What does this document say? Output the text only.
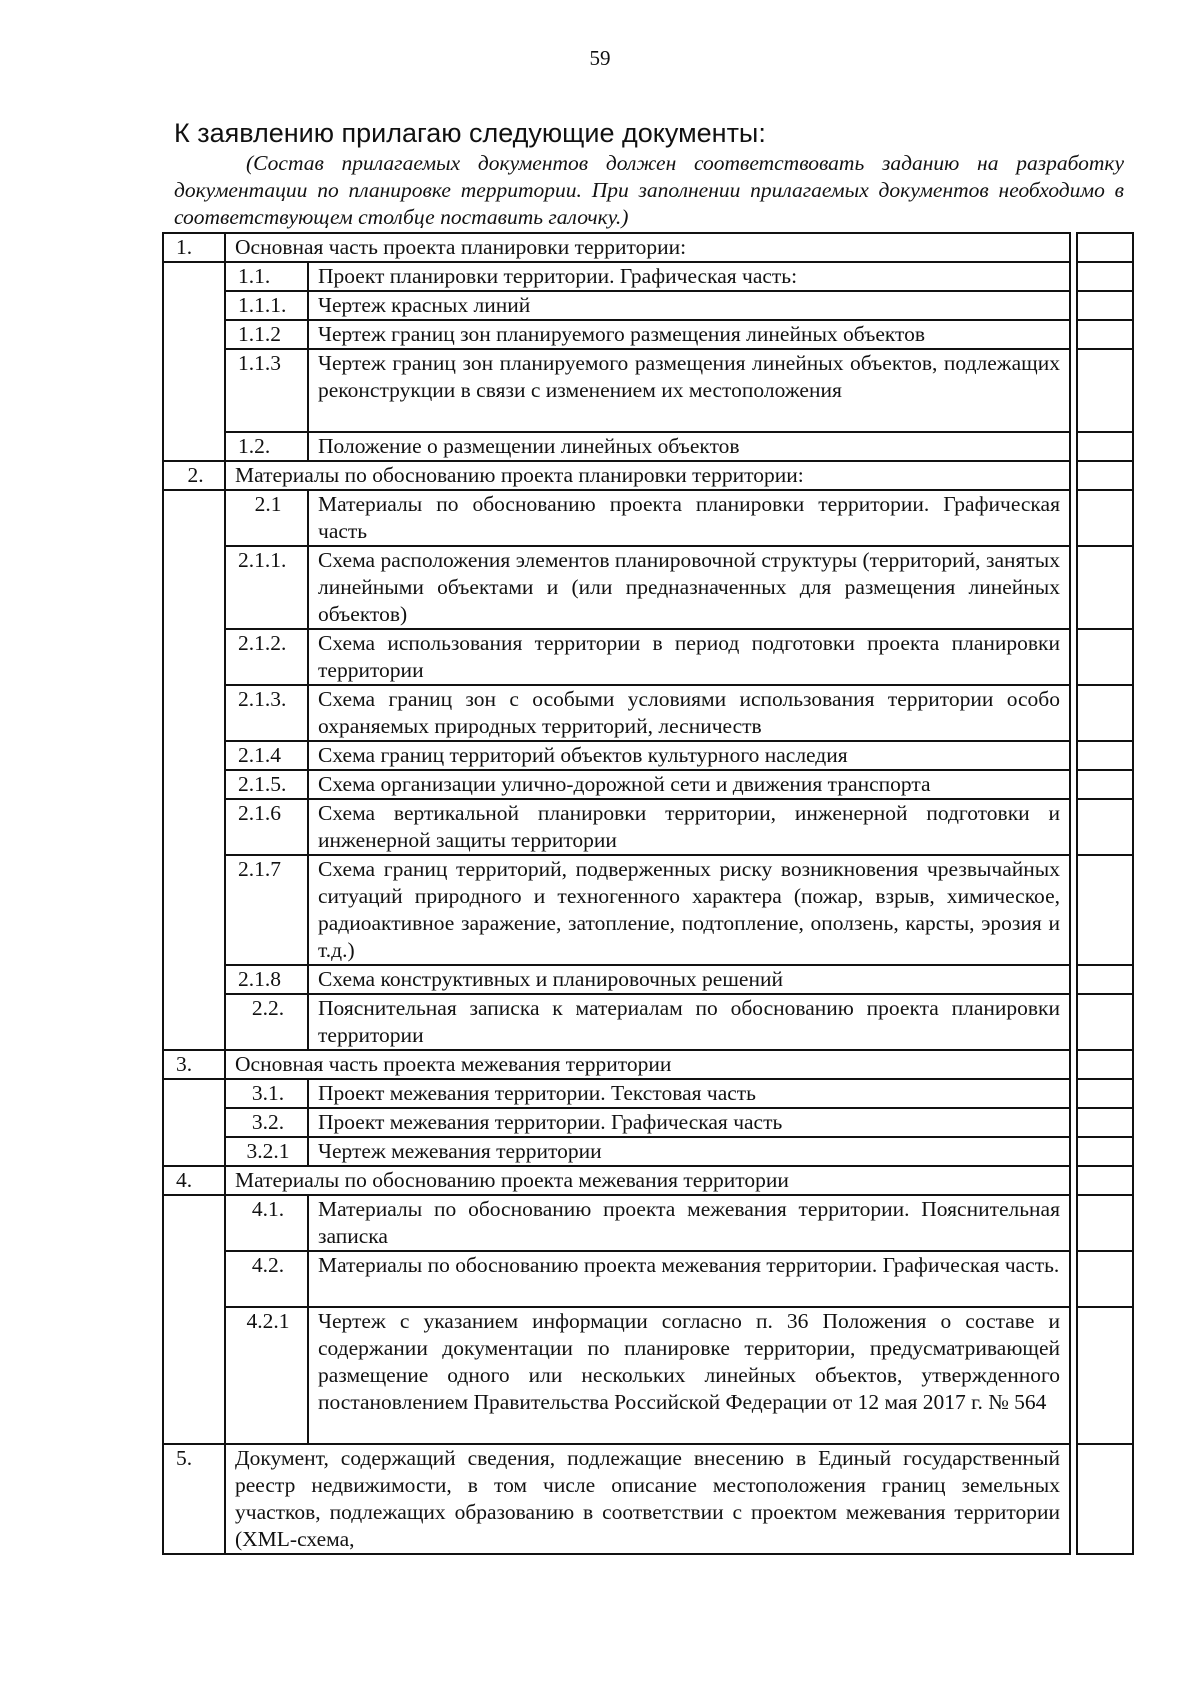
59
К заявлению прилагаю следующие документы:
(Состав прилагаемых документов должен соответствовать заданию на разработку документации по планировке территории. При заполнении прилагаемых документов необходимо в соответствующем столбце поставить галочку.)
1.	Основная часть проекта планировки территории:	
	1.1.	Проект планировки территории. Графическая часть:
	1.1.1.	Чертеж красных линий
	1.1.2	Чертеж границ зон планируемого размещения линейных объектов
	1.1.3	Чертеж границ зон планируемого размещения линейных объектов, подлежащих реконструкции в связи с изменением их местоположения
	1.2.	Положение о размещении линейных объектов
2.	Материалы по обоснованию проекта планировки территории:	
	2.1	Материалы по обоснованию проекта планировки территории. Графическая часть
	2.1.1.	Схема расположения элементов планировочной структуры (территорий, занятых линейными объектами и (или предназначенных для размещения линейных объектов)
	2.1.2.	Схема использования территории в период подготовки проекта планировки территории
	2.1.3.	Схема границ зон с особыми условиями использования территории особо охраняемых природных территорий, лесничеств
	2.1.4	Схема границ территорий объектов культурного наследия
	2.1.5.	Схема организации улично-дорожной сети и движения транспорта
	2.1.6	Схема вертикальной планировки территории, инженерной подготовки и инженерной защиты территории
	2.1.7	Схема границ территорий, подверженных риску возникновения чрезвычайных ситуаций природного и техногенного характера (пожар, взрыв, химическое, радиоактивное заражение, затопление, подтопление, оползень, карсты, эрозия и т.д.)
	2.1.8	Схема конструктивных и планировочных решений
	2.2.	Пояснительная записка к материалам по обоснованию проекта планировки территории
3.	Основная часть проекта межевания территории	
	3.1.	Проект межевания территории. Текстовая часть
	3.2.	Проект межевания территории. Графическая часть
	3.2.1	Чертеж межевания территории
4.	Материалы по обоснованию проекта межевания территории	
	4.1.	Материалы по обоснованию проекта межевания территории. Пояснительная записка
	4.2.	Материалы по обоснованию проекта межевания территории. Графическая часть.
	4.2.1	Чертеж с указанием информации согласно п. 36 Положения о составе и содержании документации по планировке территории, предусматривающей размещение одного или нескольких линейных объектов, утвержденного постановлением Правительства Российской Федерации от 12 мая 2017 г. № 564
5.	Документ, содержащий сведения, подлежащие внесению в Единый государственный реестр недвижимости, в том числе описание местоположения границ земельных участков, подлежащих образованию в соответствии с проектом межевания территории (XML-схема,	
